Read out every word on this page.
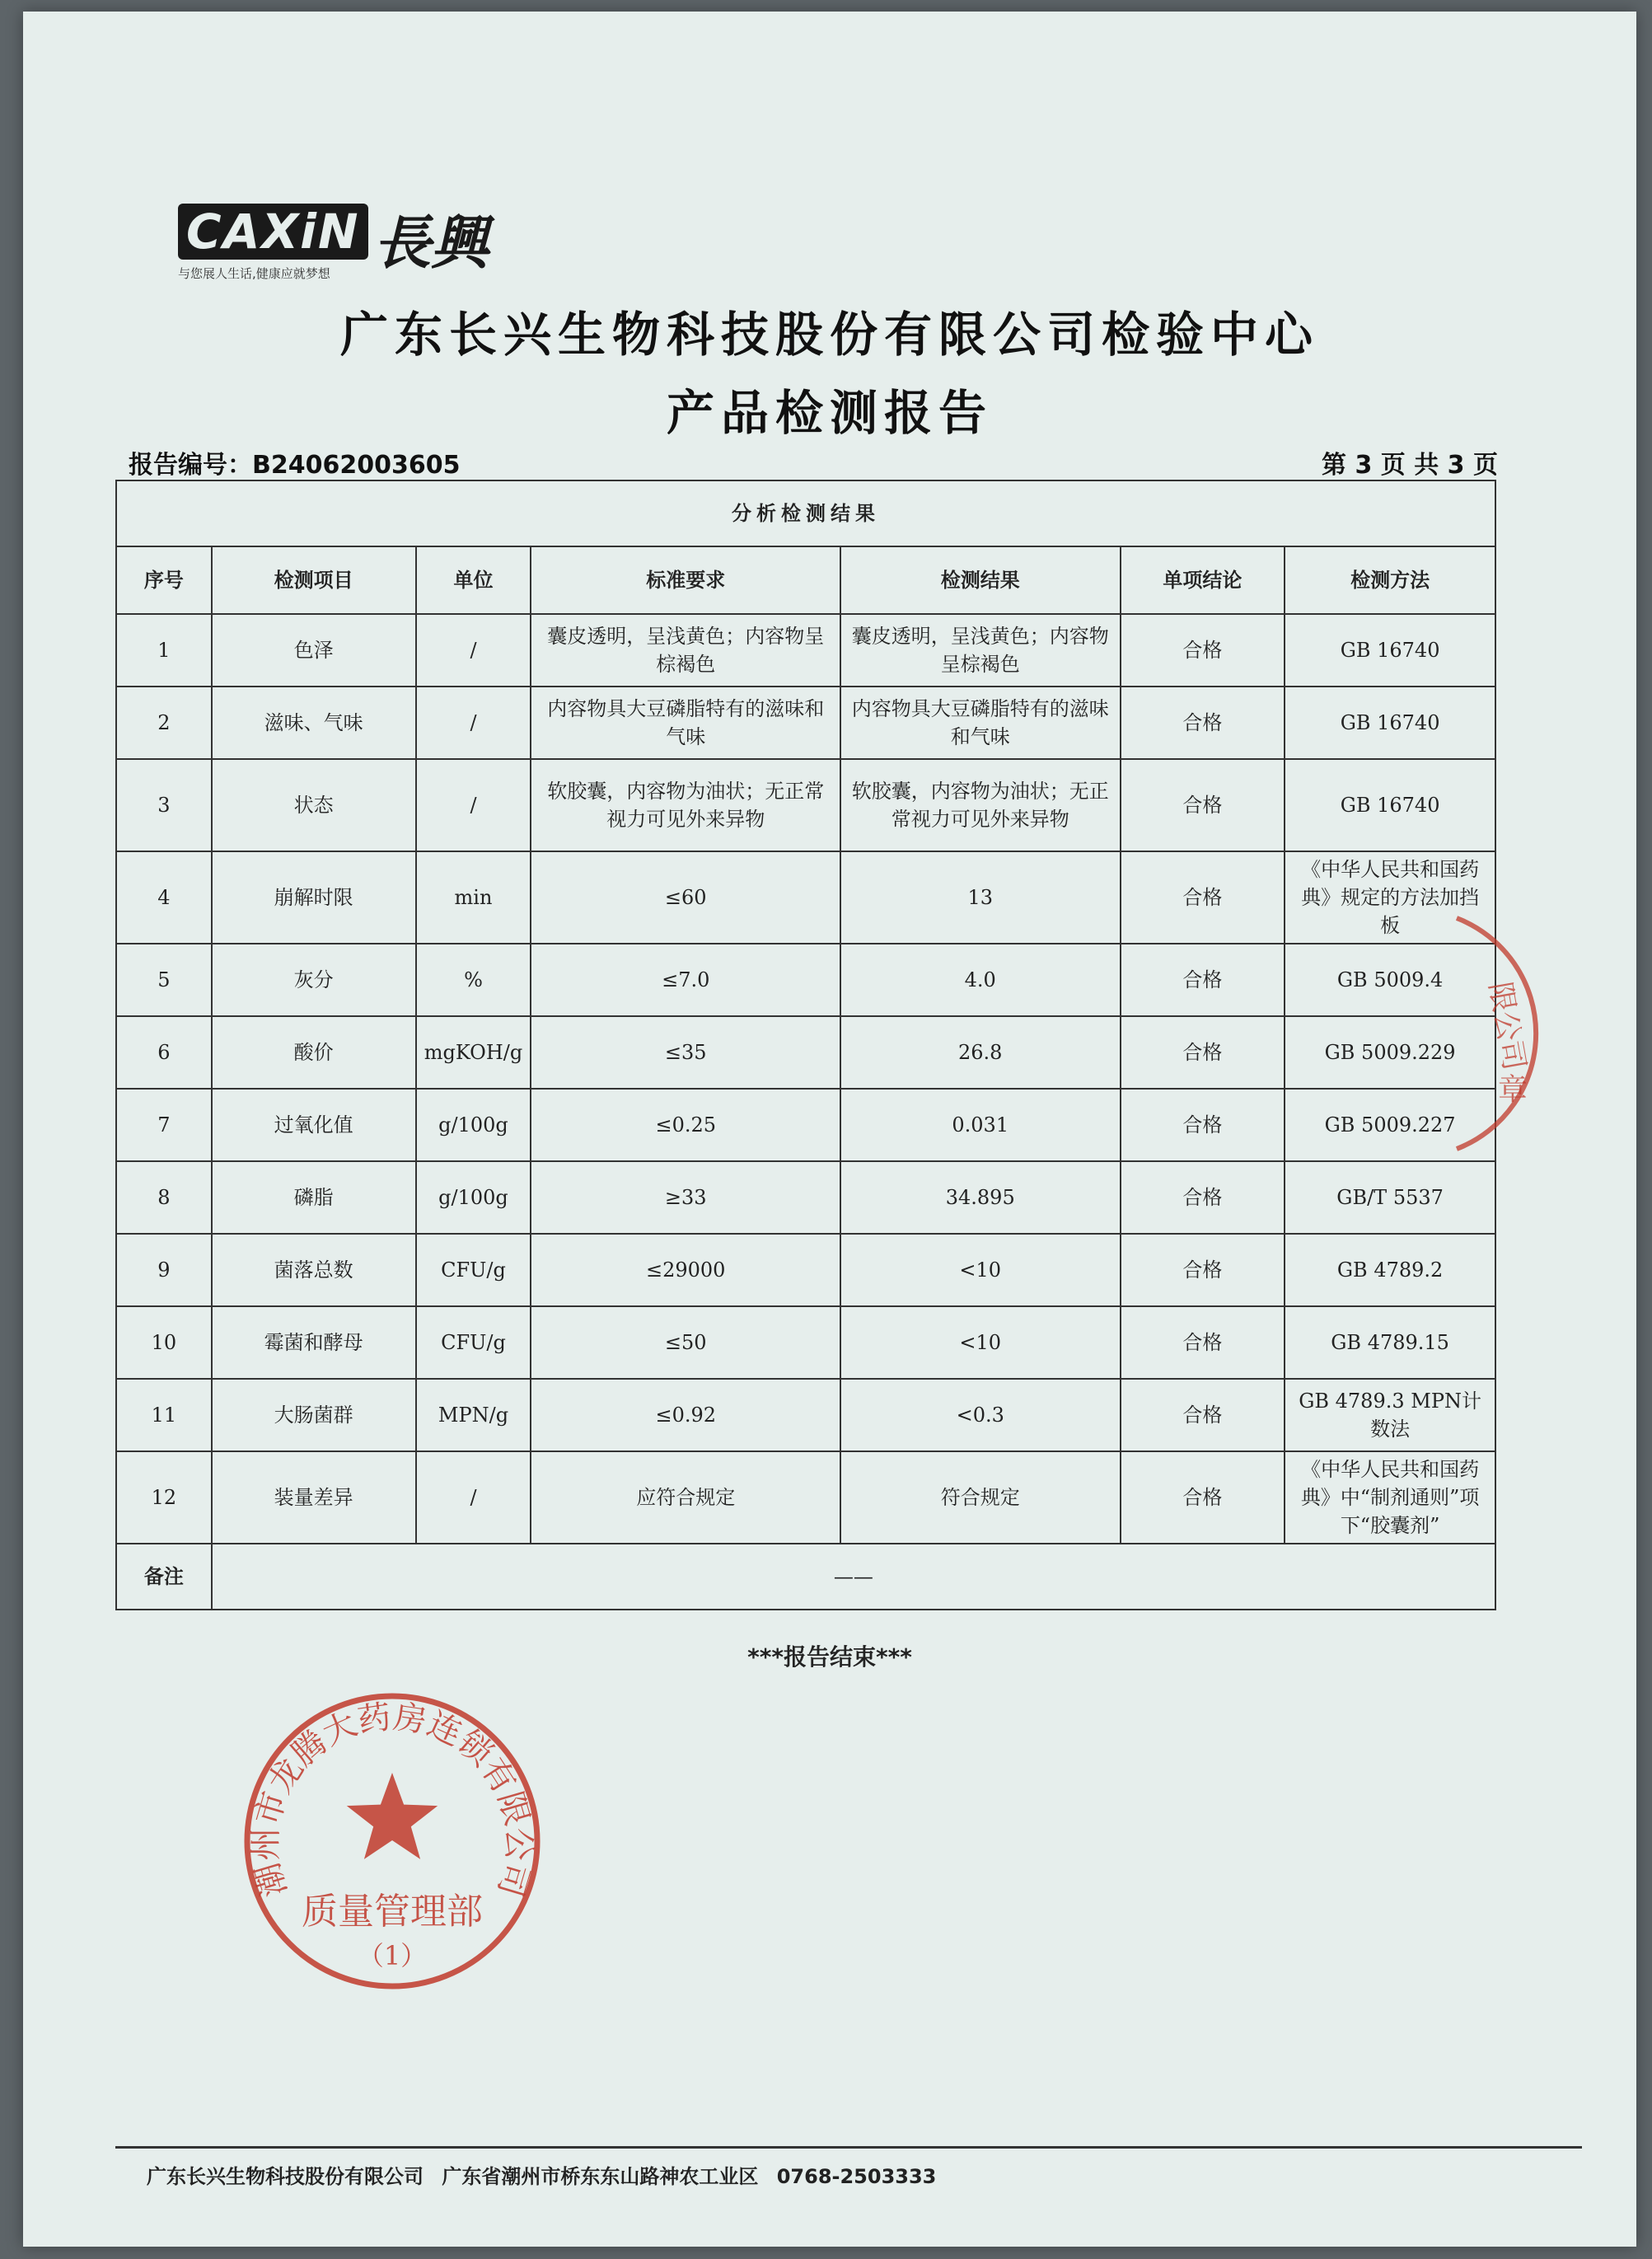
CAXiN 長興
与您展人生话,健康应就梦想
广东长兴生物科技股份有限公司检验中心
产品检测报告
报告编号：B24062003605	第 3 页 共 3 页
分析检测结果						
序号	检测项目	单位	标准要求	检测结果	单项结论	检测方法
1	色泽	/	囊皮透明，呈浅黄色；内容物呈棕褐色	囊皮透明，呈浅黄色；内容物呈棕褐色	合格	GB 16740
2	滋味、气味	/	内容物具大豆磷脂特有的滋味和气味	内容物具大豆磷脂特有的滋味和气味	合格	GB 16740
3	状态	/	软胶囊，内容物为油状；无正常视力可见外来异物	软胶囊，内容物为油状；无正常视力可见外来异物	合格	GB 16740
4	崩解时限	min	≤60	13	合格	《中华人民共和国药典》规定的方法加挡板
5	灰分	%	≤7.0	4.0	合格	GB 5009.4
6	酸价	mgKOH/g	≤35	26.8	合格	GB 5009.229
7	过氧化值	g/100g	≤0.25	0.031	合格	GB 5009.227
8	磷脂	g/100g	≥33	34.895	合格	GB/T 5537
9	菌落总数	CFU/g	≤29000	<10	合格	GB 4789.2
10	霉菌和酵母	CFU/g	≤50	<10	合格	GB 4789.15
11	大肠菌群	MPN/g	≤0.92	<0.3	合格	GB 4789.3 MPN计数法
12	装量差异	/	应符合规定	符合规定	合格	《中华人民共和国药典》中“制剂通则”项下“胶囊剂”
备注	——					
***报告结束***
潮州市龙腾大药房连锁有限公司
质量管理部
（1）
限公司
章
广东长兴生物科技股份有限公司 广东省潮州市桥东东山路神农工业区 0768-2503333
